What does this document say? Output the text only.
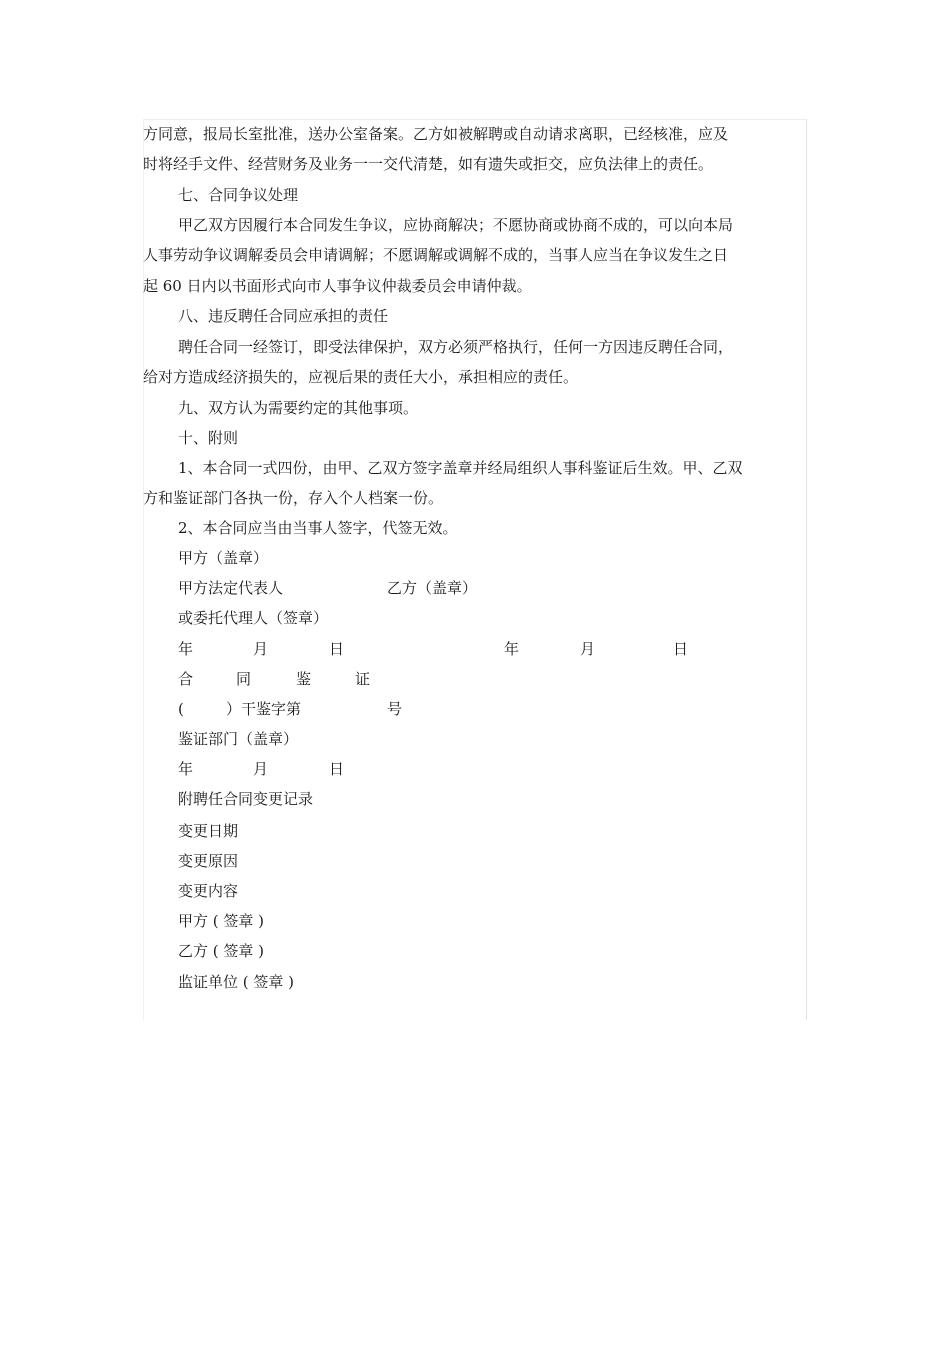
方同意，报局长室批准，送办公室备案。乙方如被解聘或自动请求离职，已经核准，应及
时将经手文件、经营财务及业务一一交代清楚，如有遗失或拒交，应负法律上的责任。
七、合同争议处理
甲乙双方因履行本合同发生争议，应协商解决；不愿协商或协商不成的，可以向本局
人事劳动争议调解委员会申请调解；不愿调解或调解不成的，当事人应当在争议发生之日
起 60 日内以书面形式向市人事争议仲裁委员会申请仲裁。
八、违反聘任合同应承担的责任
聘任合同一经签订，即受法律保护，双方必须严格执行，任何一方因违反聘任合同，
给对方造成经济损失的，应视后果的责任大小，承担相应的责任。
九、双方认为需要约定的其他事项。
十、附则
1、本合同一式四份，由甲、乙双方签字盖章并经局组织人事科鉴证后生效。甲、乙双
方和鉴证部门各执一份，存入个人档案一份。
2、本合同应当由当事人签字，代签无效。
甲方（盖章）
甲方法定代表人	乙方（盖章）
或委托代理人（签章）
年	月	日	年	月	日
合	同	鉴	证
(	）干鉴字第	号
鉴证部门（盖章）
年	月	日
附聘任合同变更记录
变更日期
变更原因
变更内容
甲方 ( 签章 )
乙方 ( 签章 )
监证单位 ( 签章 )
